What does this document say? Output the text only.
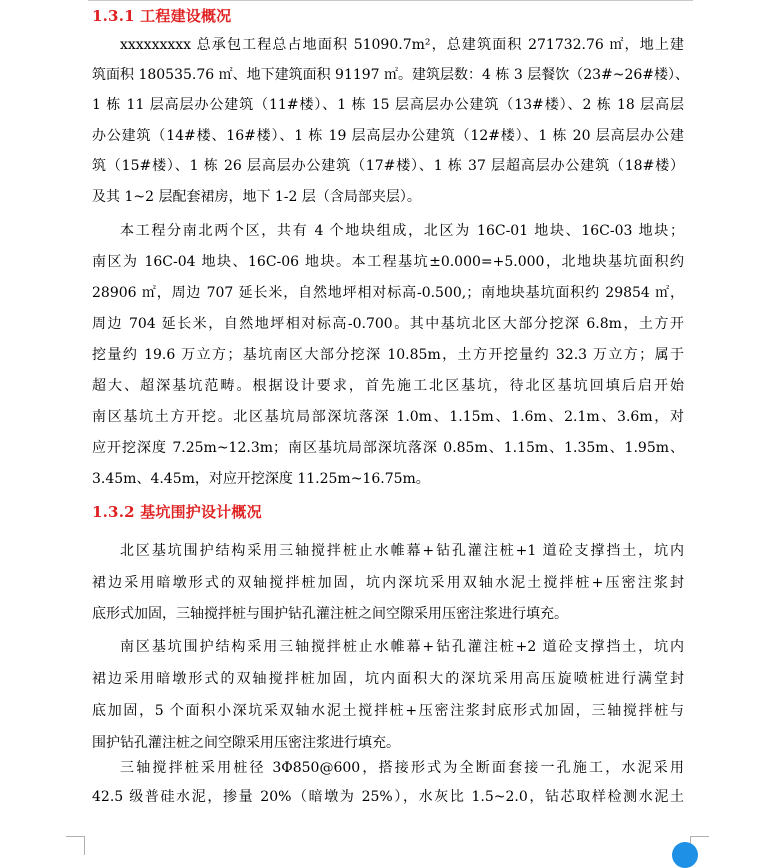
1.3.1 工程建设概况
xxxxxxxxx 总承包工程总占地面积 51090.7m²，总建筑面积 271732.76 ㎡，地上建
筑面积 180535.76 ㎡、地下建筑面积 91197 ㎡。建筑层数：4 栋 3 层餐饮（23#~26#楼）、
1 栋 11 层高层办公建筑（11#楼）、1 栋 15 层高层办公建筑（13#楼）、2 栋 18 层高层
办公建筑（14#楼、16#楼）、1 栋 19 层高层办公建筑（12#楼）、1 栋 20 层高层办公建
筑（15#楼）、1 栋 26 层高层办公建筑（17#楼）、1 栋 37 层超高层办公建筑（18#楼）
及其 1~2 层配套裙房，地下 1-2 层（含局部夹层）。
本工程分南北两个区，共有 4 个地块组成，北区为 16C-01 地块、16C-03 地块；
南区为 16C-04 地块、16C-06 地块。本工程基坑±0.000=+5.000，北地块基坑面积约
28906 ㎡，周边 707 延长米，自然地坪相对标高-0.500,；南地块基坑面积约 29854 ㎡，
周边 704 延长米，自然地坪相对标高-0.700。其中基坑北区大部分挖深 6.8m，土方开
挖量约 19.6 万立方；基坑南区大部分挖深 10.85m，土方开挖量约 32.3 万立方；属于
超大、超深基坑范畴。根据设计要求，首先施工北区基坑，待北区基坑回填后启开始
南区基坑土方开挖。北区基坑局部深坑落深 1.0m、1.15m、1.6m、2.1m、3.6m，对
应开挖深度 7.25m~12.3m；南区基坑局部深坑落深 0.85m、1.15m、1.35m、1.95m、
3.45m、4.45m，对应开挖深度 11.25m~16.75m。
1.3.2 基坑围护设计概况
北区基坑围护结构采用三轴搅拌桩止水帷幕+钻孔灌注桩+1 道砼支撑挡土，坑内
裙边采用暗墩形式的双轴搅拌桩加固，坑内深坑采用双轴水泥土搅拌桩+压密注浆封
底形式加固，三轴搅拌桩与围护钻孔灌注桩之间空隙采用压密注浆进行填充。
南区基坑围护结构采用三轴搅拌桩止水帷幕+钻孔灌注桩+2 道砼支撑挡土，坑内
裙边采用暗墩形式的双轴搅拌桩加固，坑内面积大的深坑采用高压旋喷桩进行满堂封
底加固，5 个面积小深坑采双轴水泥土搅拌桩+压密注浆封底形式加固，三轴搅拌桩与
围护钻孔灌注桩之间空隙采用压密注浆进行填充。
三轴搅拌桩采用桩径 3Φ850@600，搭接形式为全断面套接一孔施工，水泥采用
42.5 级普硅水泥，掺量 20%（暗墩为 25%），水灰比 1.5~2.0，钻芯取样检测水泥土
